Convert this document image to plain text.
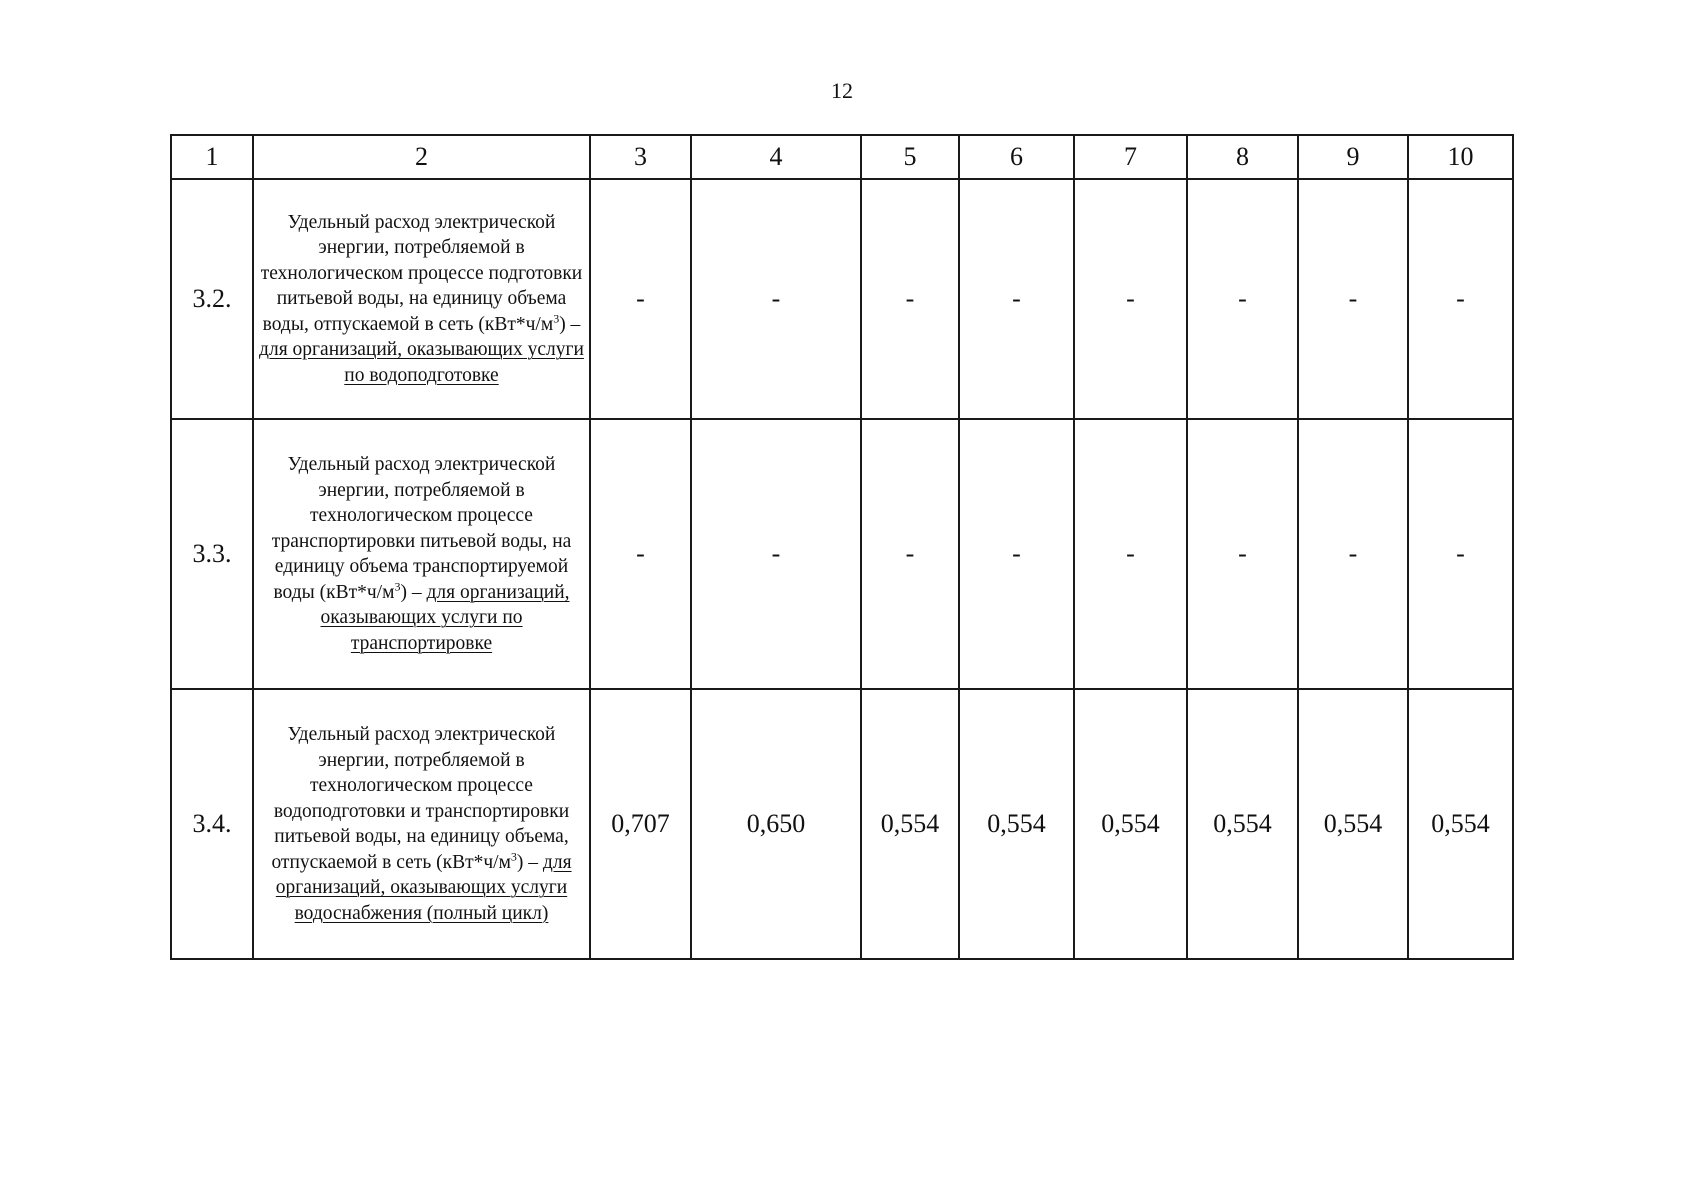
12
1	2	3	4	5	6	7	8	9	10
3.2.	Удельный расход электрической энергии, потребляемой в технологическом процессе подготовки питьевой воды, на единицу объема воды, отпускаемой в сеть $(кВт*ч/м^3)$ – для организаций, оказывающих услуги по водоподготовке	-	-	-	-	-	-	-	-
3.3.	Удельный расход электрической энергии, потребляемой в технологическом процессе транспортировки питьевой воды, на единицу объема транспортируемой воды $(кВт*ч/м^3)$ – для организаций, оказывающих услуги по транспортировке	-	-	-	-	-	-	-	-
3.4.	Удельный расход электрической энергии, потребляемой в технологическом процессе водоподготовки и транспортировки питьевой воды, на единицу объема, отпускаемой в сеть $(кВт*ч/м^3)$ – для организаций, оказывающих услуги водоснабжения (полный цикл)	0,707	0,650	0,554	0,554	0,554	0,554	0,554	0,554
